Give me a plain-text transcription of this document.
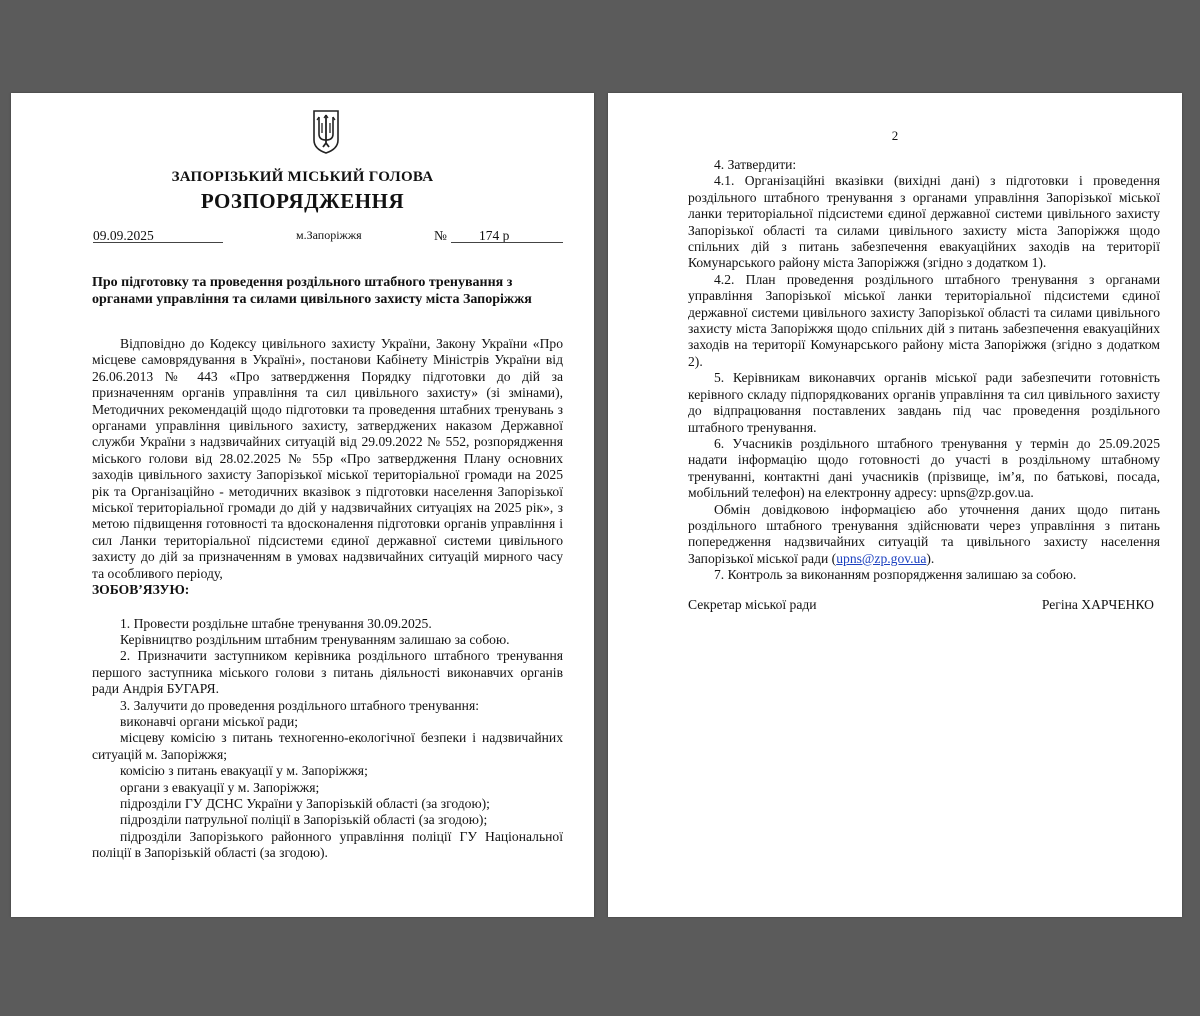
ЗАПОРІЗЬКИЙ МІСЬКИЙ ГОЛОВА
РОЗПОРЯДЖЕННЯ
09.09.2025	м.Запоріжжя	№ 174 р
Про підготовку та проведення роздільного штабного тренування з органами управління та силами цивільного захисту міста Запоріжжя

Відповідно до Кодексу цивільного захисту України, Закону України «Про місцеве самоврядування в Україні», постанови Кабінету Міністрів України від 26.06.2013 № 443 «Про затвердження Порядку підготовки до дій за призначенням органів управління та сил цивільного захисту» (зі змінами), Методичних рекомендацій щодо підготовки та проведення штабних тренувань з органами управління цивільного захисту, затверджених наказом Державної служби України з надзвичайних ситуацій від 29.09.2022 № 552, розпорядження міського голови від 28.02.2025 № 55р «Про затвердження Плану основних заходів цивільного захисту Запорізької міської територіальної громади на 2025 рік та Організаційно - методичних вказівок з підготовки населення Запорізької міської територіальної громади до дій у надзвичайних ситуаціях на 2025 рік», з метою підвищення готовності та вдосконалення підготовки органів управління і сил Ланки територіальної підсистеми єдиної державної системи цивільного захисту до дій за призначенням в умовах надзвичайних ситуацій мирного часу та особливого періоду,

ЗОБОВ’ЯЗУЮ:

1. Провести роздільне штабне тренування 30.09.2025.

Керівництво роздільним штабним тренуванням залишаю за собою.

2. Призначити заступником керівника роздільного штабного тренування першого заступника міського голови з питань діяльності виконавчих органів ради Андрія БУГАРЯ.

3. Залучити до проведення роздільного штабного тренування:

виконавчі органи міської ради;

місцеву комісію з питань техногенно-екологічної безпеки і надзвичайних ситуацій м. Запоріжжя;

комісію з питань евакуації у м. Запоріжжя;

органи з евакуації у м. Запоріжжя;

підрозділи ГУ ДСНС України у Запорізькій області (за згодою);

підрозділи патрульної поліції в Запорізькій області (за згодою);

підрозділи Запорізького районного управління поліції ГУ Національної поліції в Запорізькій області (за згодою).

2

4. Затвердити:

4.1. Організаційні вказівки (вихідні дані) з підготовки і проведення роздільного штабного тренування з органами управління Запорізької міської ланки територіальної підсистеми єдиної державної системи цивільного захисту Запорізької області та силами цивільного захисту міста Запоріжжя щодо спільних дій з питань забезпечення евакуаційних заходів на території Комунарського району міста Запоріжжя (згідно з додатком 1).

4.2. План проведення роздільного штабного тренування з органами управління Запорізької міської ланки територіальної підсистеми єдиної державної системи цивільного захисту Запорізької області та силами цивільного захисту міста Запоріжжя щодо спільних дій з питань забезпечення евакуаційних заходів на території Комунарського району міста Запоріжжя (згідно з додатком 2).

5. Керівникам виконавчих органів міської ради забезпечити готовність керівного складу підпорядкованих органів управління та сил цивільного захисту до відпрацювання поставлених завдань під час проведення роздільного штабного тренування.

6. Учасників роздільного штабного тренування у термін до 25.09.2025 надати інформацію щодо готовності до участі в роздільному штабному тренуванні, контактні дані учасників (прізвище, ім’я, по батькові, посада, мобільний телефон) на електронну адресу: upns@zp.gov.ua.

Обмін довідковою інформацією або уточнення даних щодо питань роздільного штабного тренування здійснювати через управління з питань попередження надзвичайних ситуацій та цивільного захисту населення Запорізької міської ради (upns@zp.gov.ua).

7. Контроль за виконанням розпорядження залишаю за собою.

Секретар міської ради	Регіна ХАРЧЕНКО
